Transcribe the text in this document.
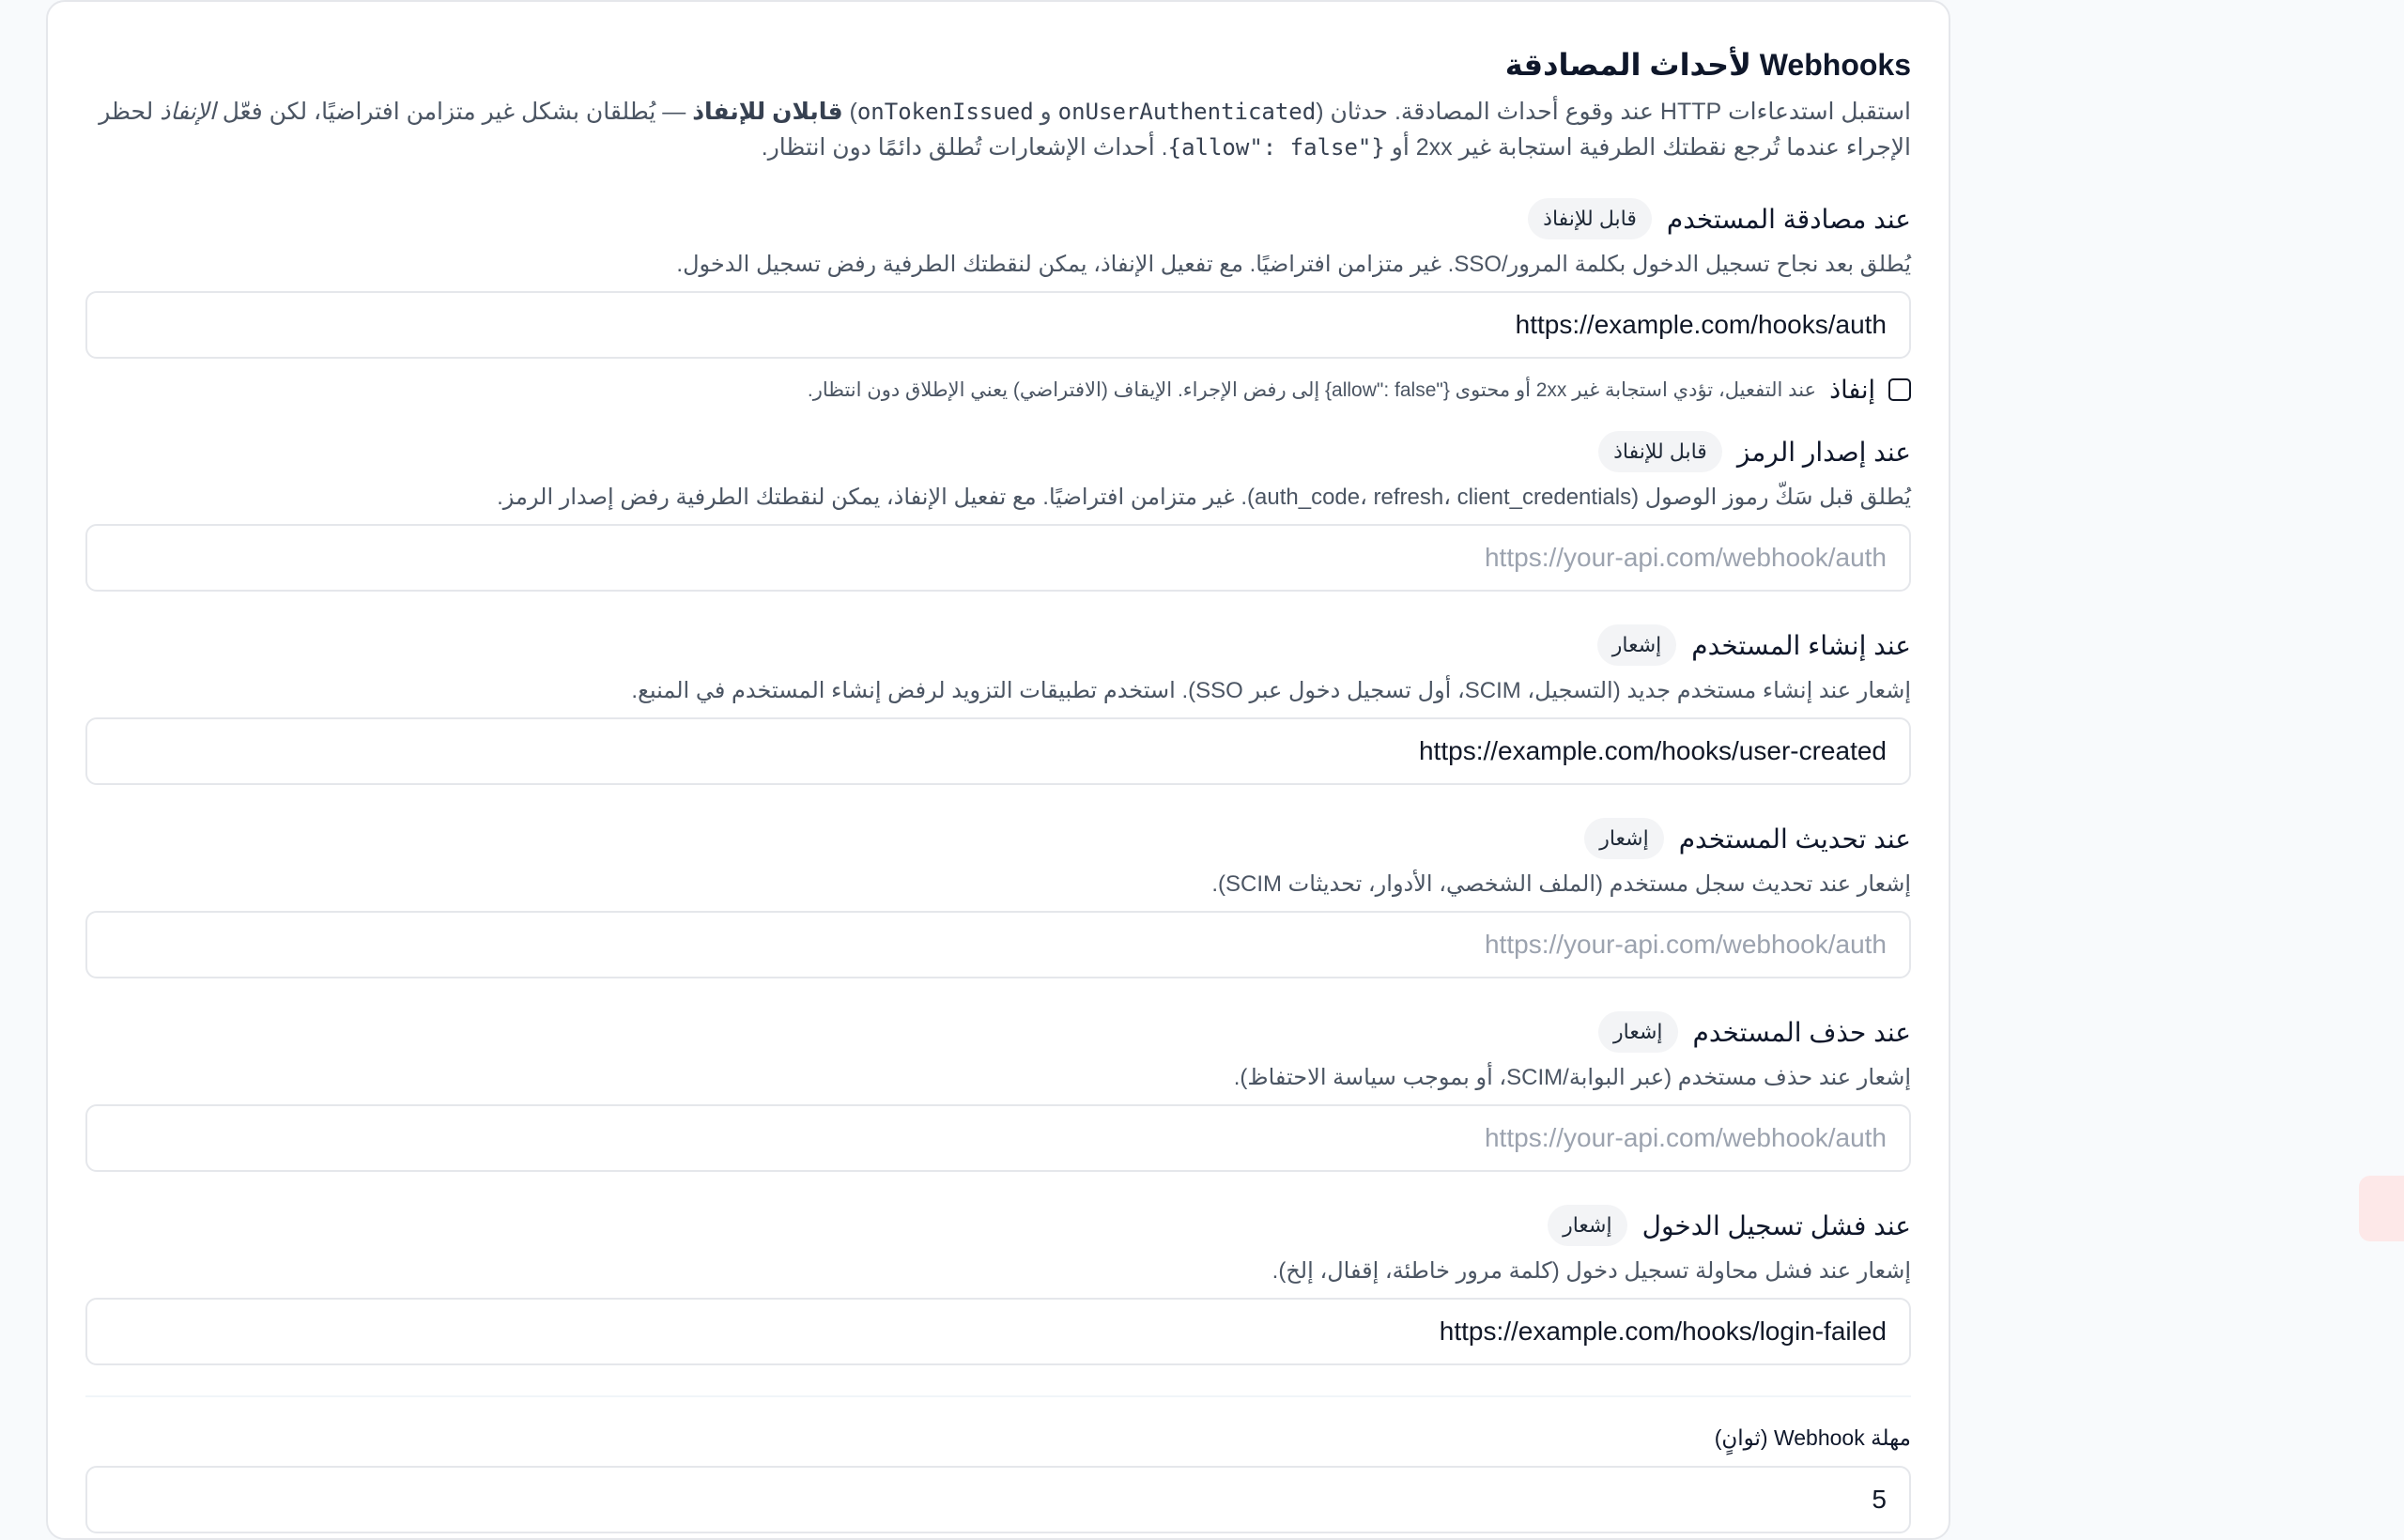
Webhooks لأحداث المصادقة

استقبل استدعاءات HTTP عند وقوع أحداث المصادقة. حدثان (onUserAuthenticated و onTokenIssued) قابلان للإنفاذ — يُطلقان بشكل غير متزامن افتراضيًا، لكن فعّل الإنفاذ لحظر الإجراء عندما تُرجع نقطتك الطرفية استجابة غير 2xx أو {"allow": false}. أحداث الإشعارات تُطلق دائمًا دون انتظار.

عند مصادقة المستخدم
قابل للإنفاذ
يُطلق بعد نجاح تسجيل الدخول بكلمة المرور/SSO. غير متزامن افتراضيًا. مع تفعيل الإنفاذ، يمكن لنقطتك الطرفية رفض تسجيل الدخول.
https://example.com/hooks/auth
إنفاذ
عند التفعيل، تؤدي استجابة غير 2xx أو محتوى {"allow": false} إلى رفض الإجراء. الإيقاف (الافتراضي) يعني الإطلاق دون انتظار.
عند إصدار الرمز
قابل للإنفاذ
يُطلق قبل سَكّ رموز الوصول (auth_code، refresh، client_credentials). غير متزامن افتراضيًا. مع تفعيل الإنفاذ، يمكن لنقطتك الطرفية رفض إصدار الرمز.
https://your-api.com/webhook/auth
عند إنشاء المستخدم
إشعار
إشعار عند إنشاء مستخدم جديد (التسجيل، SCIM، أول تسجيل دخول عبر SSO). استخدم تطبيقات التزويد لرفض إنشاء المستخدم في المنبع.
https://example.com/hooks/user-created
عند تحديث المستخدم
إشعار
إشعار عند تحديث سجل مستخدم (الملف الشخصي، الأدوار، تحديثات SCIM).
https://your-api.com/webhook/auth
عند حذف المستخدم
إشعار
إشعار عند حذف مستخدم (عبر البوابة/SCIM، أو بموجب سياسة الاحتفاظ).
https://your-api.com/webhook/auth
عند فشل تسجيل الدخول
إشعار
إشعار عند فشل محاولة تسجيل دخول (كلمة مرور خاطئة، إقفال، إلخ).
https://example.com/hooks/login-failed
مهلة Webhook (ثوانٍ)
5
